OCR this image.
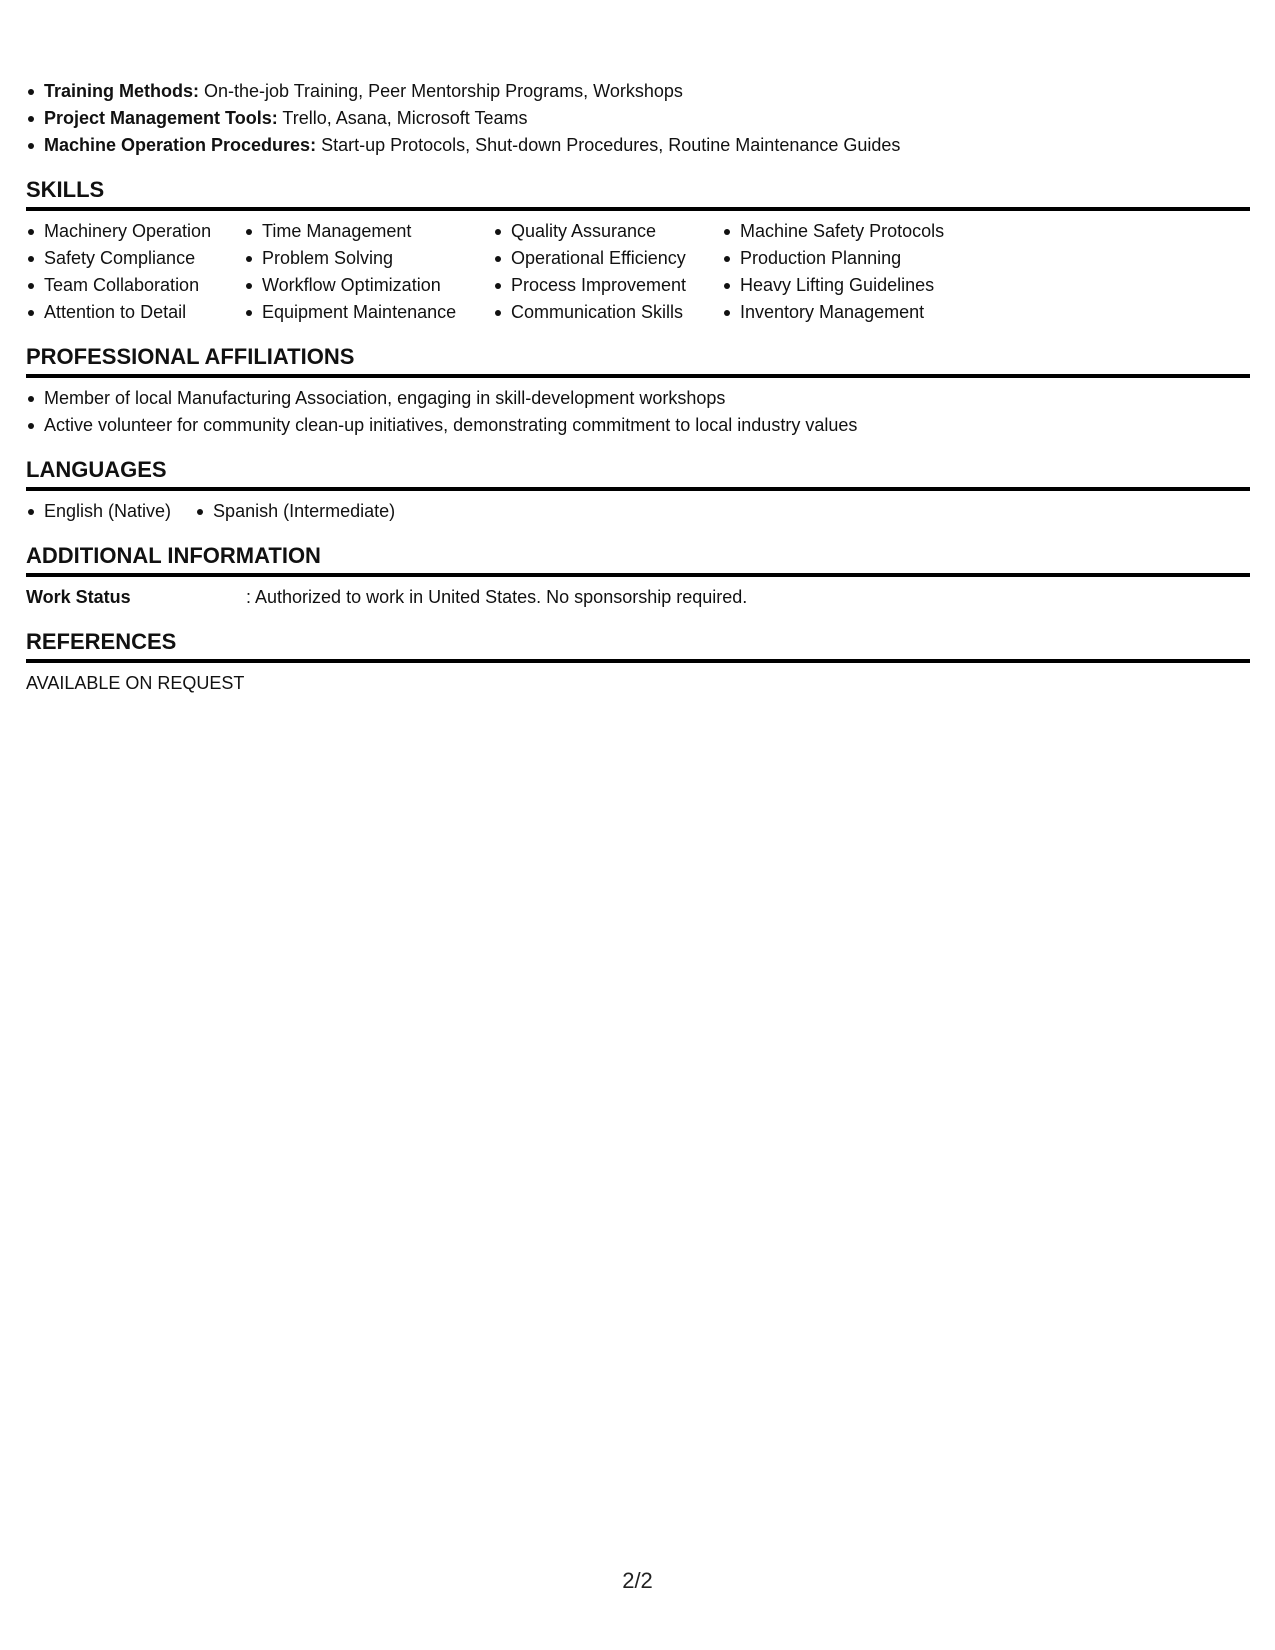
Training Methods: On-the-job Training, Peer Mentorship Programs, Workshops
Project Management Tools: Trello, Asana, Microsoft Teams
Machine Operation Procedures: Start-up Protocols, Shut-down Procedures, Routine Maintenance Guides
SKILLS
Machinery Operation
Safety Compliance
Team Collaboration
Attention to Detail
Time Management
Problem Solving
Workflow Optimization
Equipment Maintenance
Quality Assurance
Operational Efficiency
Process Improvement
Communication Skills
Machine Safety Protocols
Production Planning
Heavy Lifting Guidelines
Inventory Management
PROFESSIONAL AFFILIATIONS
Member of local Manufacturing Association, engaging in skill-development workshops
Active volunteer for community clean-up initiatives, demonstrating commitment to local industry values
LANGUAGES
English (Native)	Spanish (Intermediate)
ADDITIONAL INFORMATION
Work Status	: Authorized to work in United States. No sponsorship required.
REFERENCES
AVAILABLE ON REQUEST
2/2
